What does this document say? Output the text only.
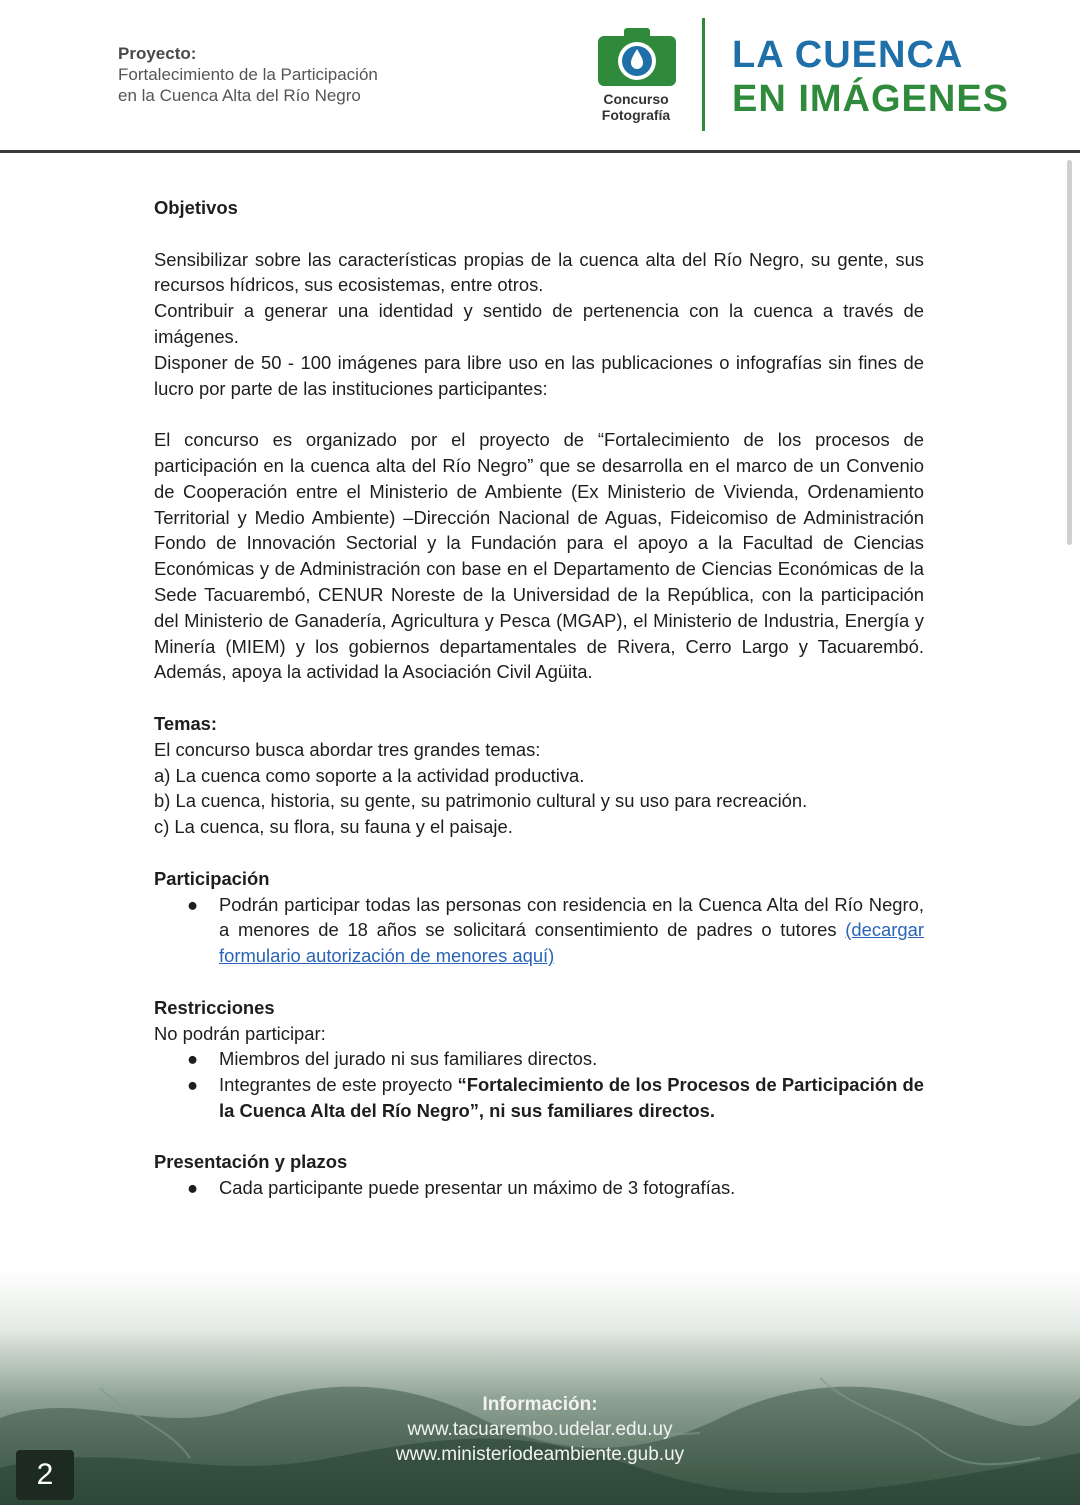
Proyecto:
Fortalecimiento de la Participación
en la Cuenca Alta del Río Negro	Concurso
Fotografía
LA CUENCA
EN IMÁGENES

Objetivos

Sensibilizar sobre las características propias de la cuenca alta del Río Negro, su gente, sus recursos hídricos, sus ecosistemas, entre otros.

Contribuir a generar una identidad y sentido de pertenencia con la cuenca a través de imágenes.

Disponer de 50 - 100 imágenes para libre uso en las publicaciones o infografías sin fines de lucro por parte de las instituciones participantes:

El concurso es organizado por el proyecto de “Fortalecimiento de los procesos de participación en la cuenca alta del Río Negro” que se desarrolla en el marco de un Convenio de Cooperación entre el Ministerio de Ambiente (Ex Ministerio de Vivienda, Ordenamiento Territorial y Medio Ambiente) –Dirección Nacional de Aguas, Fideicomiso de Administración Fondo de Innovación Sectorial y la Fundación para el apoyo a la Facultad de Ciencias Económicas y de Administración con base en el Departamento de Ciencias Económicas de la Sede Tacuarembó, CENUR Noreste de la Universidad de la República, con la participación del Ministerio de Ganadería, Agricultura y Pesca (MGAP), el Ministerio de Industria, Energía y Minería (MIEM) y los gobiernos departamentales de Rivera, Cerro Largo y Tacuarembó. Además, apoya la actividad la Asociación Civil Agüita.

Temas:

El concurso busca abordar tres grandes temas:

a) La cuenca como soporte a la actividad productiva.

b) La cuenca, historia, su gente, su patrimonio cultural y su uso para recreación.

c) La cuenca, su flora, su fauna y el paisaje.

Participación

● Podrán participar todas las personas con residencia en la Cuenca Alta del Río Negro, a menores de 18 años se solicitará consentimiento de padres o tutores (decargar formulario autorización de menores aquí)

Restricciones

No podrán participar:

● Miembros del jurado ni sus familiares directos.
● Integrantes de este proyecto “Fortalecimiento de los Procesos de Participación de la Cuenca Alta del Río Negro”, ni sus familiares directos.

Presentación y plazos

● Cada participante puede presentar un máximo de 3 fotografías.
Información:
www.tacuarembo.udelar.edu.uy
www.ministeriodeambiente.gub.uy
2
